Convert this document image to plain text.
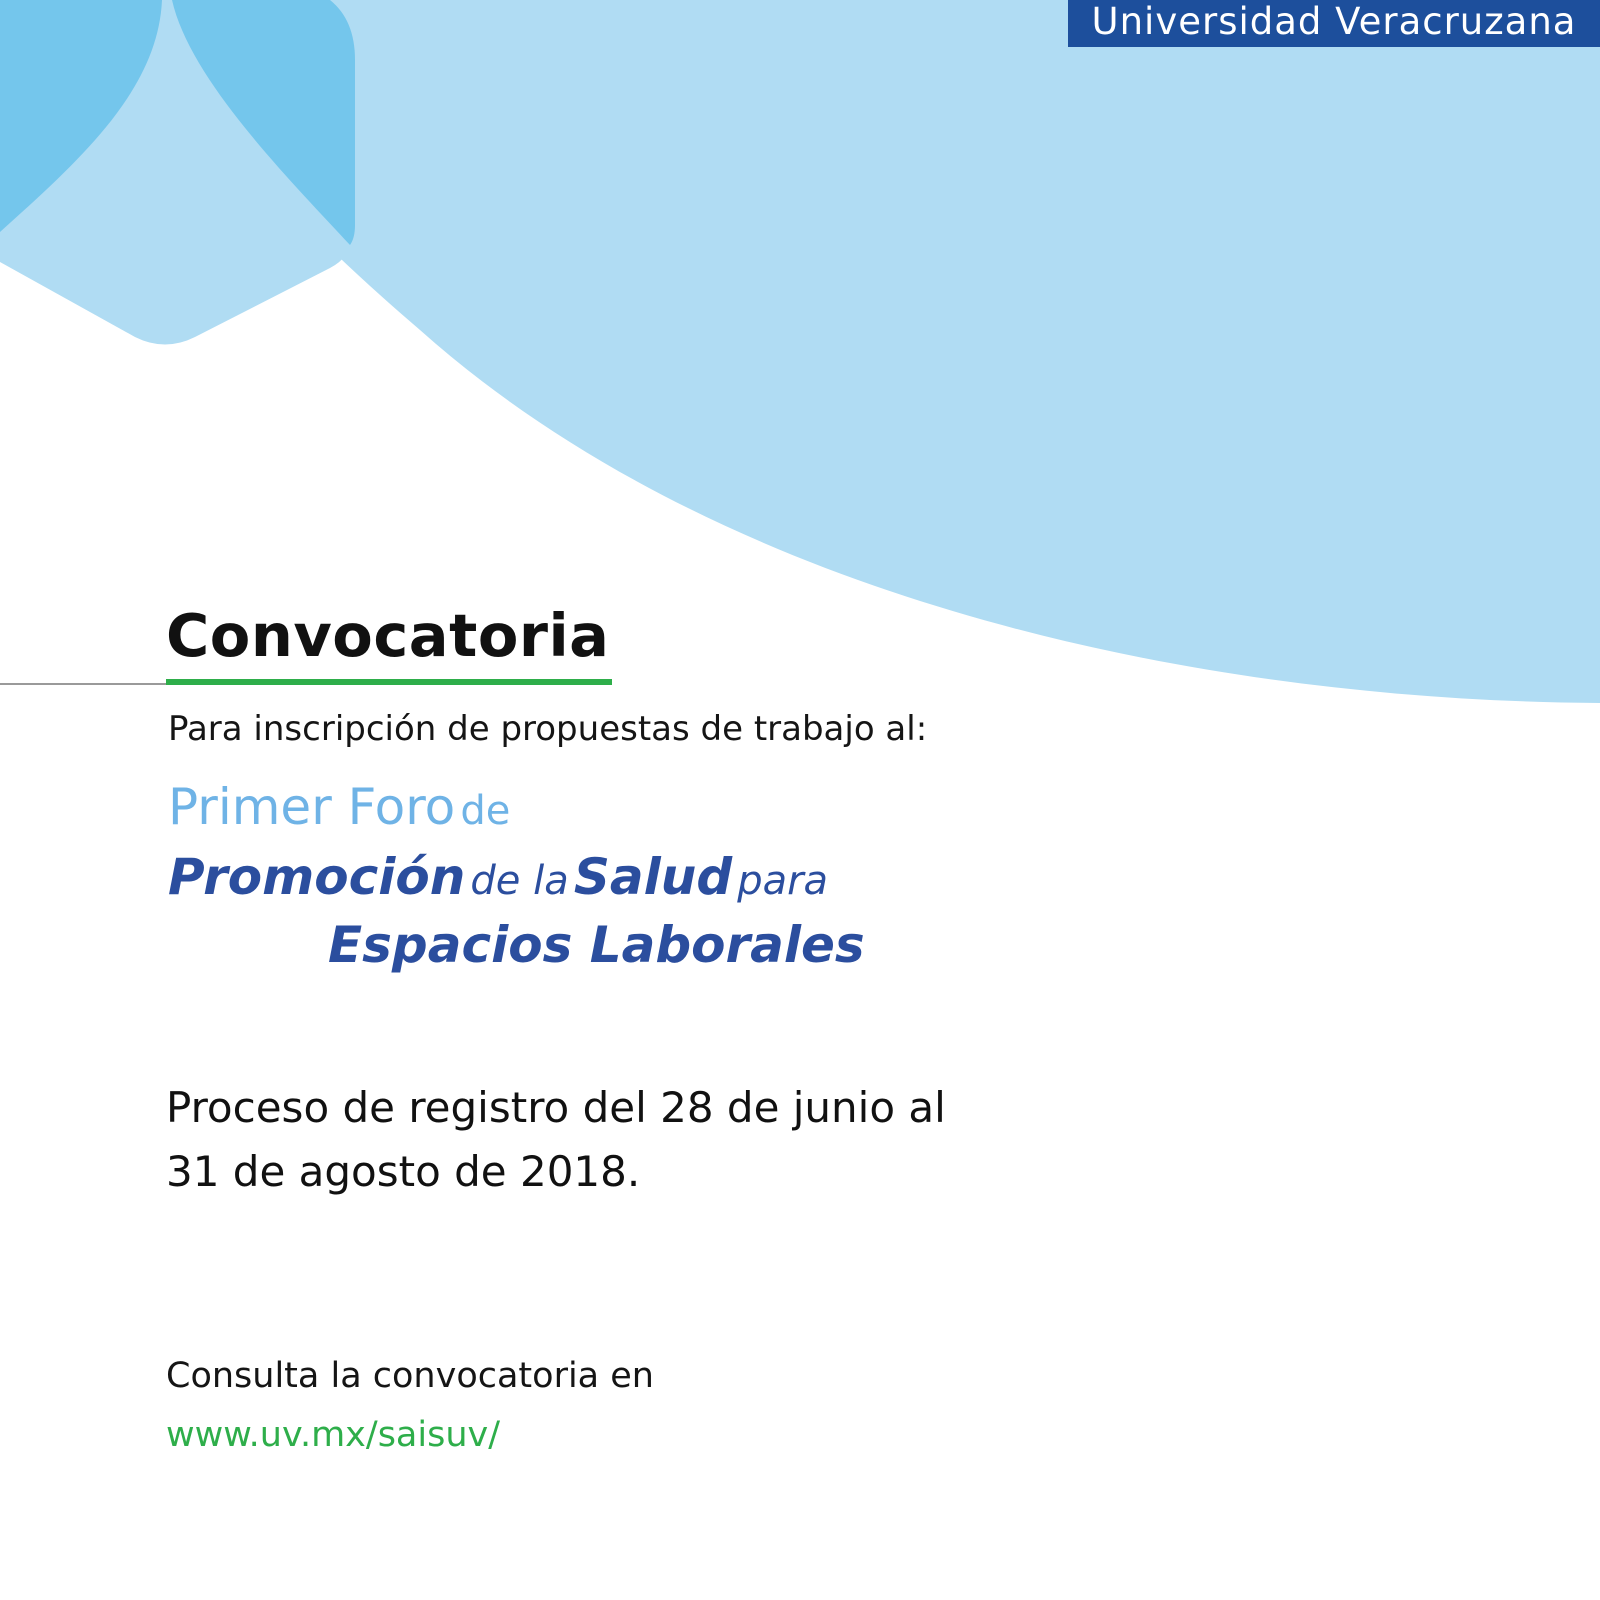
Universidad Veracruzana
Convocatoria
Para inscripción de propuestas de trabajo al:
Primer Foro de
Promoción de la Salud para
Espacios Laborales
Proceso de registro del 28 de junio al
31 de agosto de 2018.
Consulta la convocatoria en
www.uv.mx/saisuv/
